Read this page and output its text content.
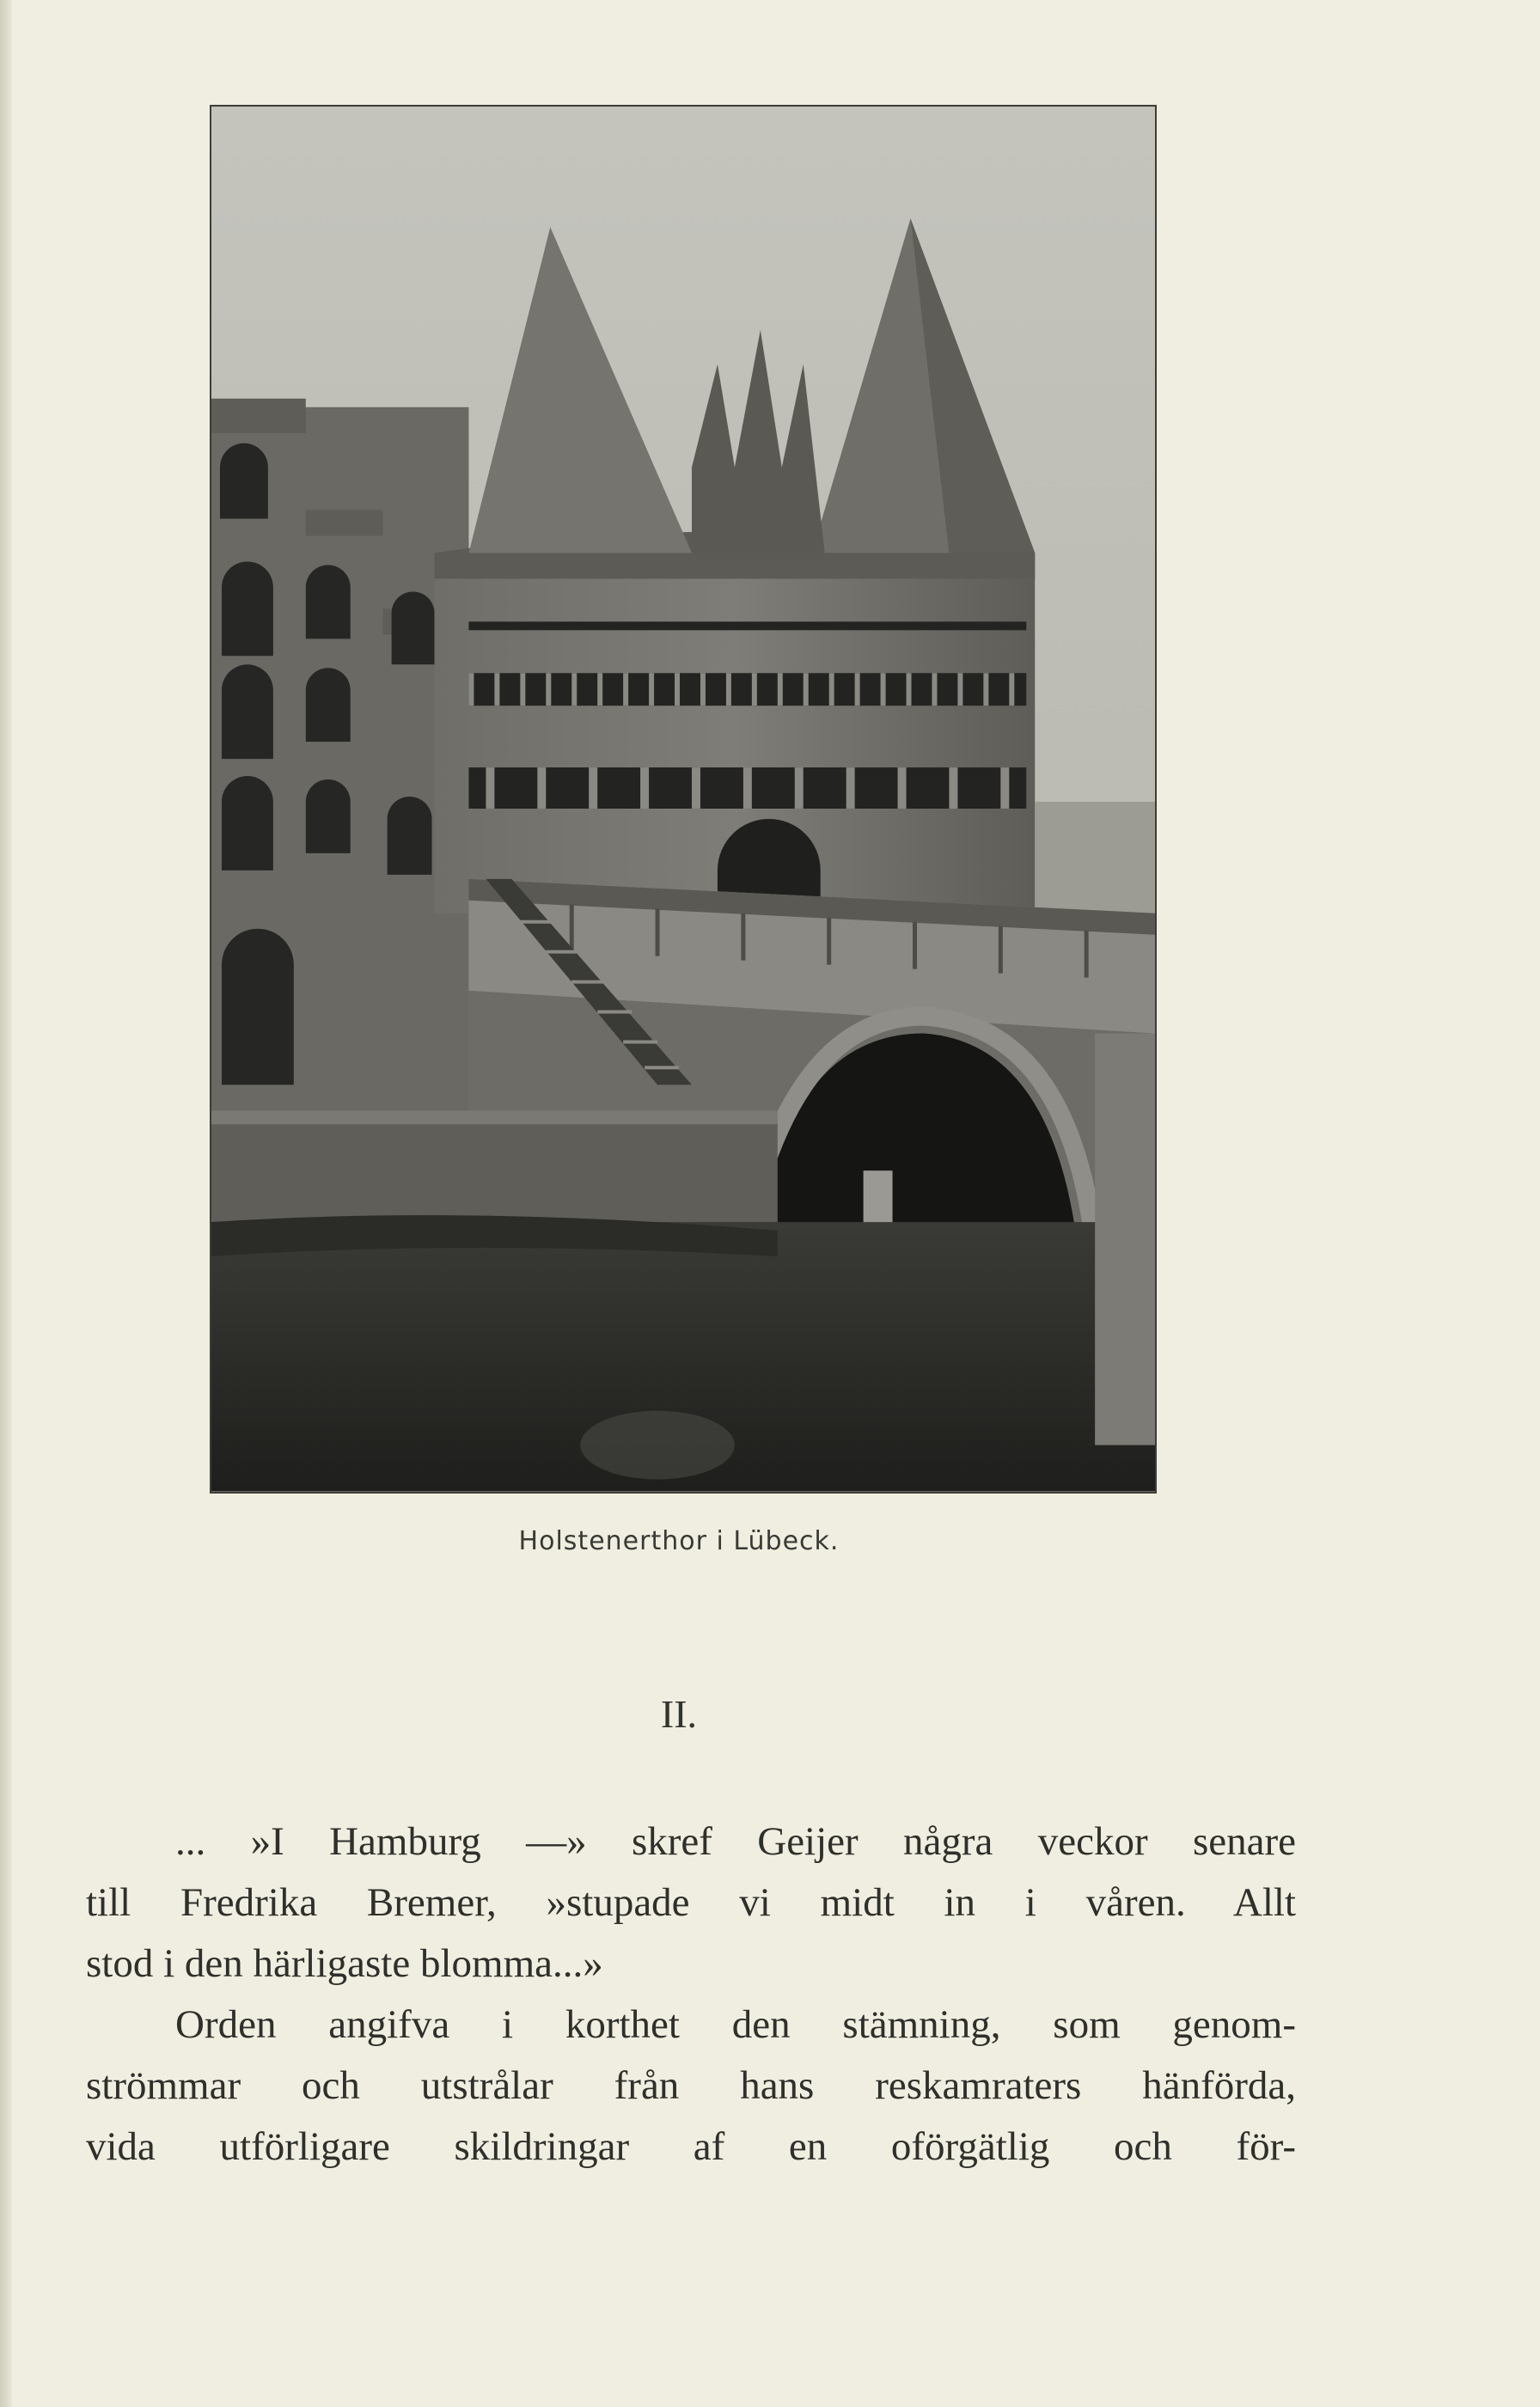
Holstenerthor i Lübeck.
II.
... »I Hamburg —» skref Geijer några veckor senare
till Fredrika Bremer, »stupade vi midt in i våren. Allt
stod i den härligaste blomma...»
Orden angifva i korthet den stämning, som genom-
strömmar och utstrålar från hans reskamraters hänförda,
vida utförligare skildringar af en oförgätlig och för-
